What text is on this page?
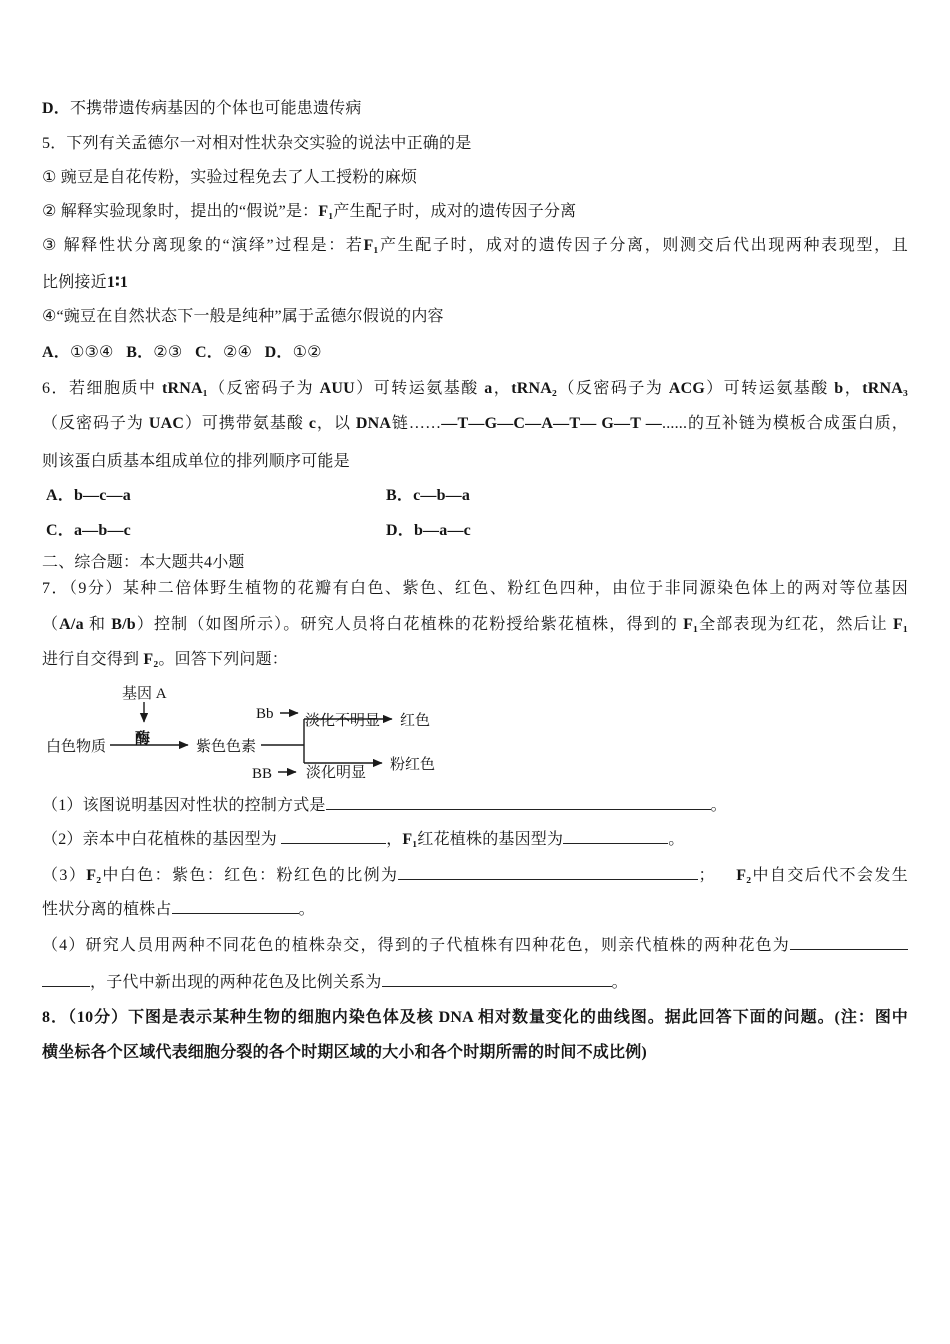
D．不携带遗传病基因的个体也可能患遗传病
5．下列有关孟德尔一对相对性状杂交实验的说法中正确的是
① 豌豆是自花传粉，实验过程免去了人工授粉的麻烦
② 解释实验现象时，提出的“假说”是：F₁产生配子时，成对的遗传因子分离
③ 解释性状分离现象的“演绎”过程是：若F₁产生配子时，成对的遗传因子分离，则测交后代出现两种表现型，且
比例接近1∶1
④“豌豆在自然状态下一般是纯种”属于孟德尔假说的内容
A．①③④   B．②③   C．②④   D．①②
6．若细胞质中 tRNA₁（反密码子为 AUU）可转运氨基酸 a，tRNA₂（反密码子为 ACG）可转运氨基酸 b，tRNA₃
（反密码子为 UAC）可携带氨基酸 c，以 DNA链……—T—G—C—A—T— G—T —......的互补链为模板合成蛋白质，
则该蛋白质基本组成单位的排列顺序可能是
A．b—c—a	B．c—b—a
C．a—b—c	D．b—a—c
二、综合题：本大题共4小题
7．（9分）某种二倍体野生植物的花瓣有白色、紫色、红色、粉红色四种，由位于非同源染色体上的两对等位基因
（A/a 和 B/b）控制（如图所示）。研究人员将白花植株的花粉授给紫花植株，得到的 F₁全部表现为红花，然后让 F₁
进行自交得到 F₂。回答下列问题：
基因 A
酶
白色物质	紫色色素
Bb 淡化不明显 红色
BB 淡化明显 粉红色
（1）该图说明基因对性状的控制方式是	。
（2）亲本中白花植株的基因型为	，F₁红花植株的基因型为	。
（3）F₂中白色：紫色：红色：粉红色的比例为	；    F₂中自交后代不会发生
性状分离的植株占	。
（4）研究人员用两种不同花色的植株杂交，得到的子代植株有四种花色，则亲代植株的两种花色为
，子代中新出现的两种花色及比例关系为	。
8．（10分）下图是表示某种生物的细胞内染色体及核 DNA 相对数量变化的曲线图。据此回答下面的问题。(注：图中
横坐标各个区域代表细胞分裂的各个时期区域的大小和各个时期所需的时间不成比例)
